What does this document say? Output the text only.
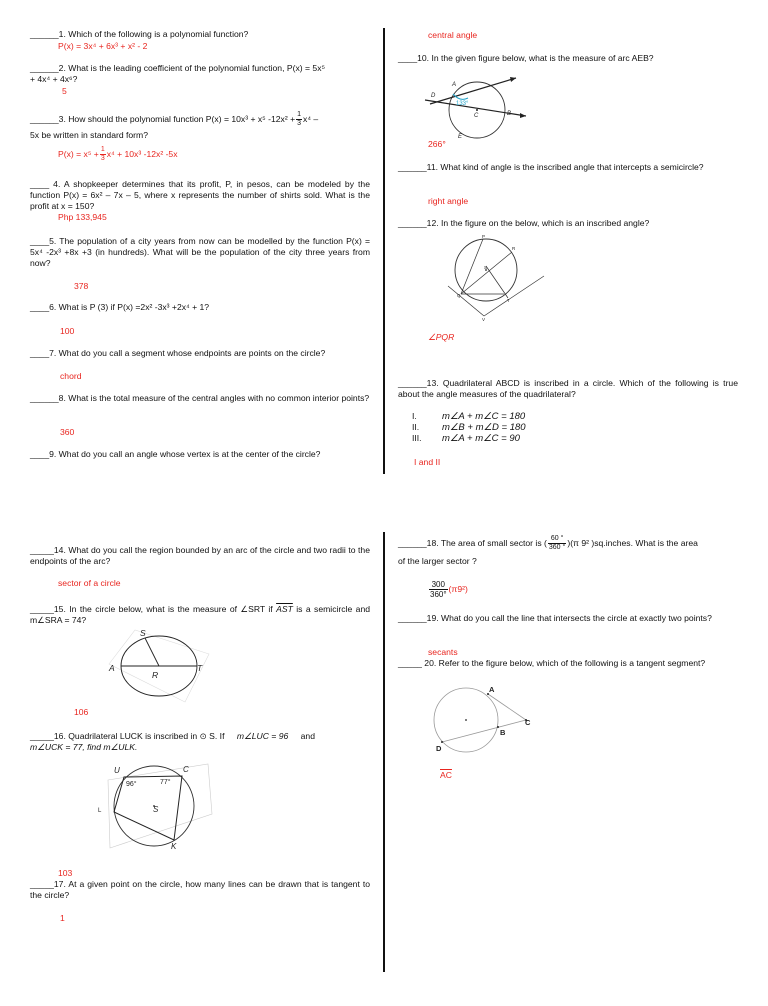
______1. Which of the following is a polynomial function?
P(x) = 3x⁴ + 6x³ + x² - 2
______2. What is the leading coefficient of the polynomial function, P(x) = 5x⁵
+ 4x⁴ + 4x⁶?
5
______3. How should the polynomial function P(x) = 10x³ + x⁵ $-12x^2 + \frac{1}{3} x^4$ –
5x be written in standard form?
$P(x) = x^5 + \frac{1}{3} x^4 + 10x^3$ -12x² -5x
____ 4. A shopkeeper determines that its profit, P, in pesos, can be modeled by the function P(x) = 6x² – 7x – 5, where x represents the number of shirts sold. What is the profit at x = 150?
Php 133,945
____5. The population of a city years from now can be modelled by the function P(x) = 5x⁴ -2x³ +8x +3 (in hundreds). What will be the population of the city three years from now?
378
____6. What is P (3) if P(x) =2x² -3x³ +2x⁴ + 1?
100
____7. What do you call a segment whose endpoints are points on the circle?
chord
______8. What is the total measure of the central angles with no common interior points?
360
____9. What do you call an angle whose vertex is at the center of the circle?
central angle
____10. In the given figure below, what is the measure of arc AEB?
A
D
133°
C	B
E
266°
______11. What kind of angle is the inscribed angle that intercepts a semicircle?
right angle
______12. In the figure on the below, which is an inscribed angle?
P
R
S
Q
T
V
∠PQR
______13. Quadrilateral ABCD is inscribed in a circle. Which of the following is true about the angle measures of the quadrilateral?
I.	m∠A + m∠C = 180
II. m∠B + m∠D = 180
III. m∠A + m∠C = 90
I and II
_____14. What do you call the region bounded by an arc of the circle and two radii to the endpoints of the arc?
sector of a circle
_____15. In the circle below, what is the measure of ∠SRT if $\overline{AST}$ is a semicircle and m∠SRA = 74?
S
A	T
R
106
_____16. Quadrilateral LUCK is inscribed in ⊙ S. If m∠LUC = 96 and
m∠UCK = 77, find m∠ULK.
U	C
L	S
K
96°	77°
103
_____17. At a given point on the circle, how many lines can be drawn that is tangent to the circle?
1
______18. The area of small sector is ( $\frac{60 ^\circ}{360 ^\circ} )(\pi$ 9² )sq.inches. What is the area
of the larger sector ?
$\frac{300}{360^\circ} (\pi 9^2)$
______19. What do you call the line that intersects the circle at exactly two points?
secants
_____ 20. Refer to the figure below, which of the following is a tangent segment?
A
C
B
D
$\overline{AC}$
